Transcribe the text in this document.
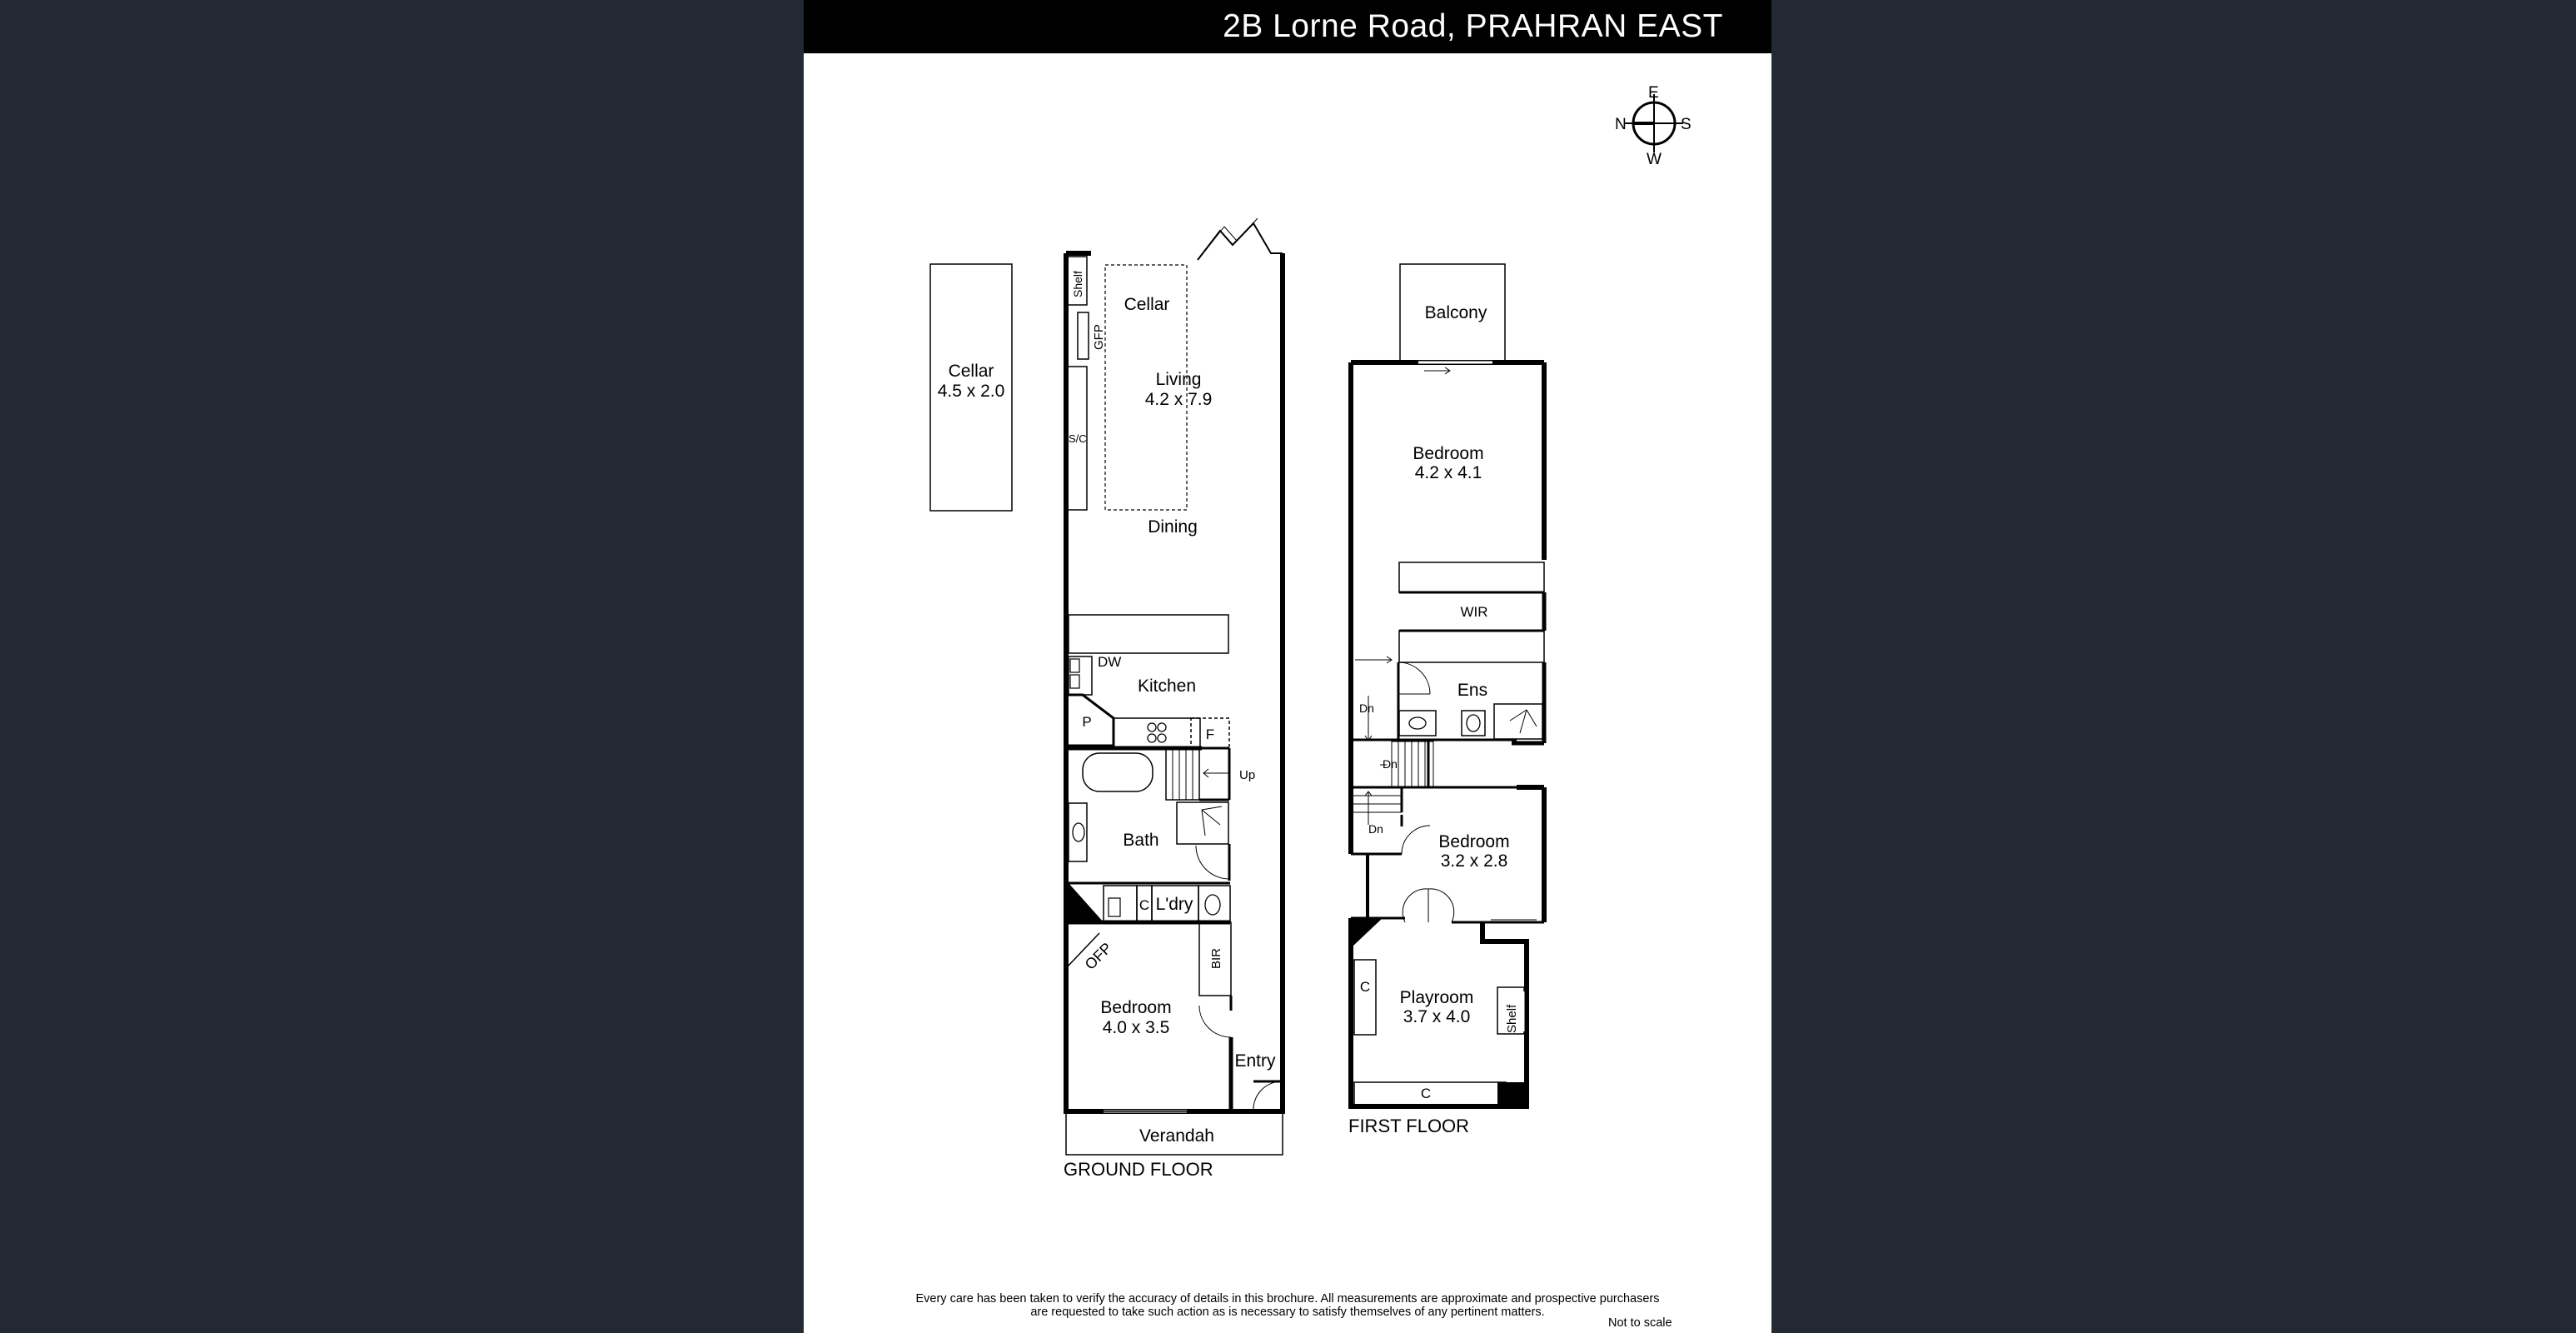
2B Lorne Road, PRAHRAN EAST
E
N	S
W
Cellar
4.5 x 2.0
Shelf
GFP
S/C
Cellar
Living
4.2 x 7.9
Dining
DW
Kitchen
P
F
Up
Bath
C L'dry
OFP	BIR
Bedroom
4.0 x 3.5
Entry
Verandah
GROUND FLOOR
Balcony
Bedroom
4.2 x 4.1
WIR
Ens
Dn
Dn
Dn
Bedroom
3.2 x 2.8
Playroom
3.7 x 4.0
C
C
Shelf
FIRST FLOOR
Every care has been taken to verify the accuracy of details in this brochure. All measurements are approximate and prospective purchasers
are requested to take such action as is necessary to satisfy themselves of any pertinent matters.
Not to scale
